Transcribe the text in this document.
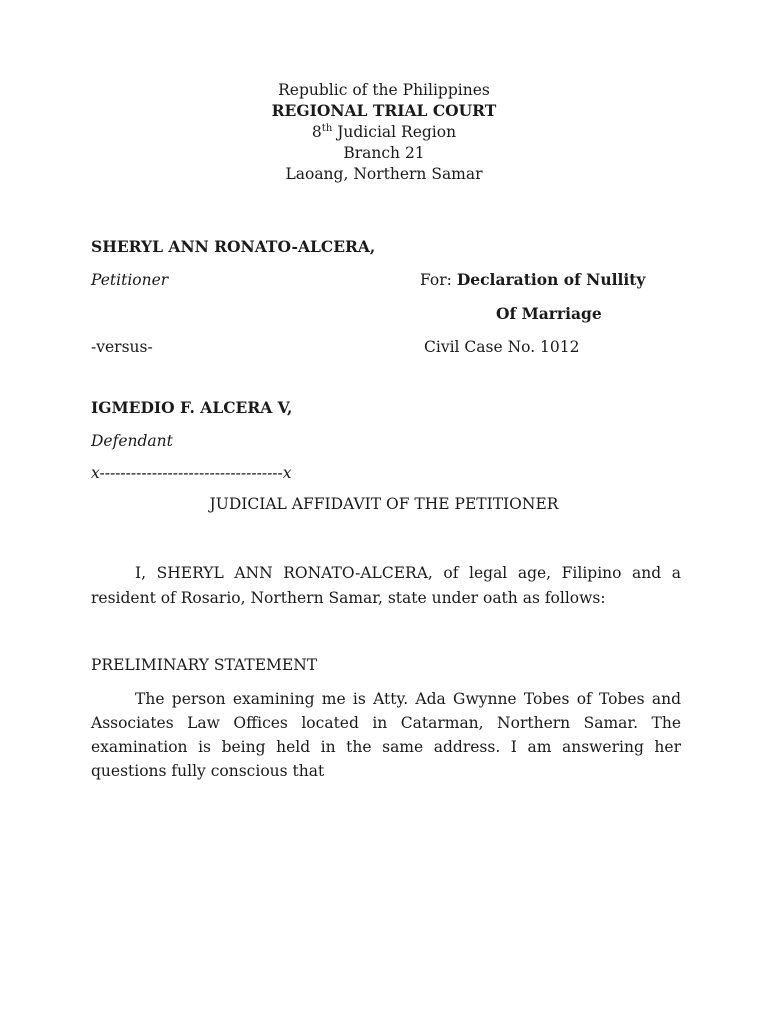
Republic of the Philippines
REGIONAL TRIAL COURT
8th Judicial Region
Branch 21
Laoang, Northern Samar
SHERYL ANN RONATO-ALCERA,
Petitioner	For: Declaration of Nullity
Of Marriage
-versus-	Civil Case No. 1012
IGMEDIO F. ALCERA V,
Defendant
x-----------------------------------x
JUDICIAL AFFIDAVIT OF THE PETITIONER
I, SHERYL ANN RONATO-ALCERA, of legal age, Filipino and a resident of Rosario, Northern Samar, state under oath as follows:
PRELIMINARY STATEMENT
The person examining me is Atty. Ada Gwynne Tobes of Tobes and Associates Law Offices located in Catarman, Northern Samar. The examination is being held in the same address. I am answering her questions fully conscious that
